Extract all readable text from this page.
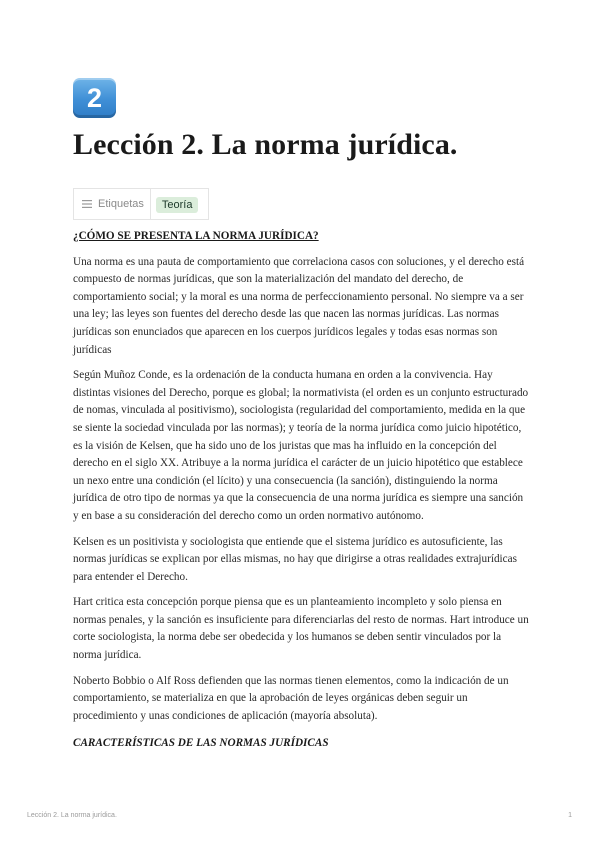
2
Lección 2. La norma jurídica.
Etiquetas	Teoría
¿CÓMO SE PRESENTA LA NORMA JURÍDICA?

Una norma es una pauta de comportamiento que correlaciona casos con soluciones, y el derecho está compuesto de normas jurídicas, que son la materialización del mandato del derecho, de comportamiento social; y la moral es una norma de perfeccionamiento personal. No siempre va a ser una ley; las leyes son fuentes del derecho desde las que nacen las normas jurídicas. Las normas jurídicas son enunciados que aparecen en los cuerpos jurídicos legales y todas esas normas son jurídicas

Según Muñoz Conde, es la ordenación de la conducta humana en orden a la convivencia. Hay distintas visiones del Derecho, porque es global; la normativista (el orden es un conjunto estructurado de nomas, vinculada al positivismo), sociologista (regularidad del comportamiento, medida en la que se siente la sociedad vinculada por las normas); y teoría de la norma jurídica como juicio hipotético, es la visión de Kelsen, que ha sido uno de los juristas que mas ha influido en la concepción del derecho en el siglo XX. Atribuye a la norma jurídica el carácter de un juicio hipotético que establece un nexo entre una condición (el lícito) y una consecuencia (la sanción), distinguiendo la norma jurídica de otro tipo de normas ya que la consecuencia de una norma jurídica es siempre una sanción y en base a su consideración del derecho como un orden normativo autónomo.

Kelsen es un positivista y sociologista que entiende que el sistema jurídico es autosuficiente, las normas jurídicas se explican por ellas mismas, no hay que dirigirse a otras realidades extrajurídicas para entender el Derecho.

Hart critica esta concepción porque piensa que es un planteamiento incompleto y solo piensa en normas penales, y la sanción es insuficiente para diferenciarlas del resto de normas. Hart introduce un corte sociologista, la norma debe ser obedecida y los humanos se deben sentir vinculados por la norma jurídica.

Noberto Bobbio o Alf Ross defienden que las normas tienen elementos, como la indicación de un comportamiento, se materializa en que la aprobación de leyes orgánicas deben seguir un procedimiento y unas condiciones de aplicación (mayoría absoluta).

CARACTERÍSTICAS DE LAS NORMAS JURÍDICAS
Lección 2. La norma jurídica.	1
